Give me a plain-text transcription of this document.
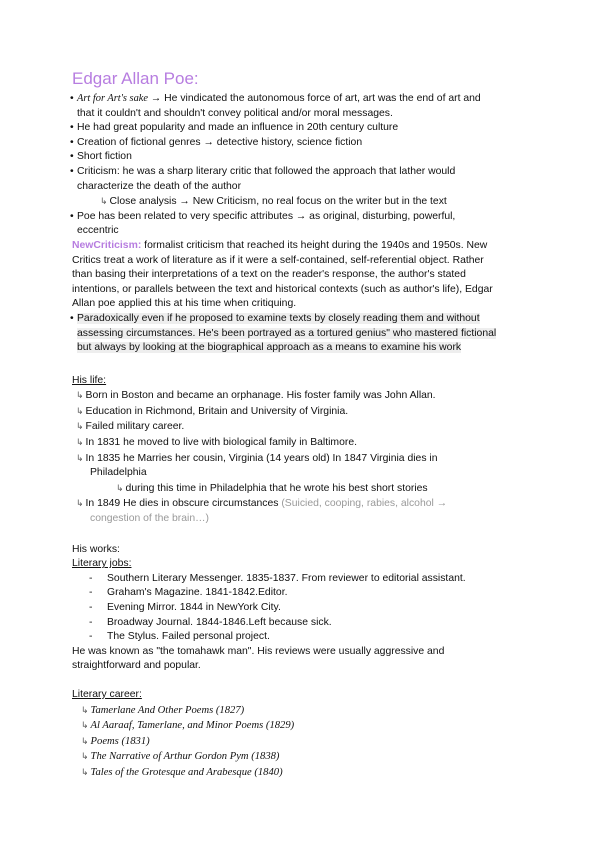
Edgar Allan Poe:
• Art for Art's sake → He vindicated the autonomous force of art, art was the end of art and
that it couldn't and shouldn't convey political and/or moral messages.
• He had great popularity and made an influence in 20th century culture
• Creation of fictional genres → detective history, science fiction
• Short fiction
• Criticism: he was a sharp literary critic that followed the approach that lather would
characterize the death of the author
↳ Close analysis → New Criticism, no real focus on the writer but in the text
• Poe has been related to very specific attributes → as original, disturbing, powerful,
eccentric
NewCriticism: formalist criticism that reached its height during the 1940s and 1950s. New
Critics treat a work of literature as if it were a self-contained, self-referential object. Rather
than basing their interpretations of a text on the reader's response, the author's stated
intentions, or parallels between the text and historical contexts (such as author's life), Edgar
Allan poe applied this at his time when critiquing.
• Paradoxically even if he proposed to examine texts by closely reading them and without
assessing circumstances. He's been portrayed as a tortured genius" who mastered fictional
but always by looking at the biographical approach as a means to examine his work
His life:
↳ Born in Boston and became an orphanage. His foster family was John Allan.
↳ Education in Richmond, Britain and University of Virginia.
↳ Failed military career.
↳ In 1831 he moved to live with biological family in Baltimore.
↳ In 1835 he Marries her cousin, Virginia (14 years old) In 1847 Virginia dies in
Philadelphia
↳ during this time in Philadelphia that he wrote his best short stories
↳ In 1849 He dies in obscure circumstances (Suicied, cooping, rabies, alcohol →
congestion of the brain…)
His works:
Literary jobs:
- Southern Literary Messenger. 1835-1837. From reviewer to editorial assistant.
- Graham's Magazine. 1841-1842.Editor.
- Evening Mirror. 1844 in NewYork City.
- Broadway Journal. 1844-1846.Left because sick.
- The Stylus. Failed personal project.
He was known as "the tomahawk man". His reviews were usually aggressive and
straightforward and popular.
Literary career:
↳ Tamerlane And Other Poems (1827)
↳ Al Aaraaf, Tamerlane, and Minor Poems (1829)
↳ Poems (1831)
↳ The Narrative of Arthur Gordon Pym (1838)
↳ Tales of the Grotesque and Arabesque (1840)
